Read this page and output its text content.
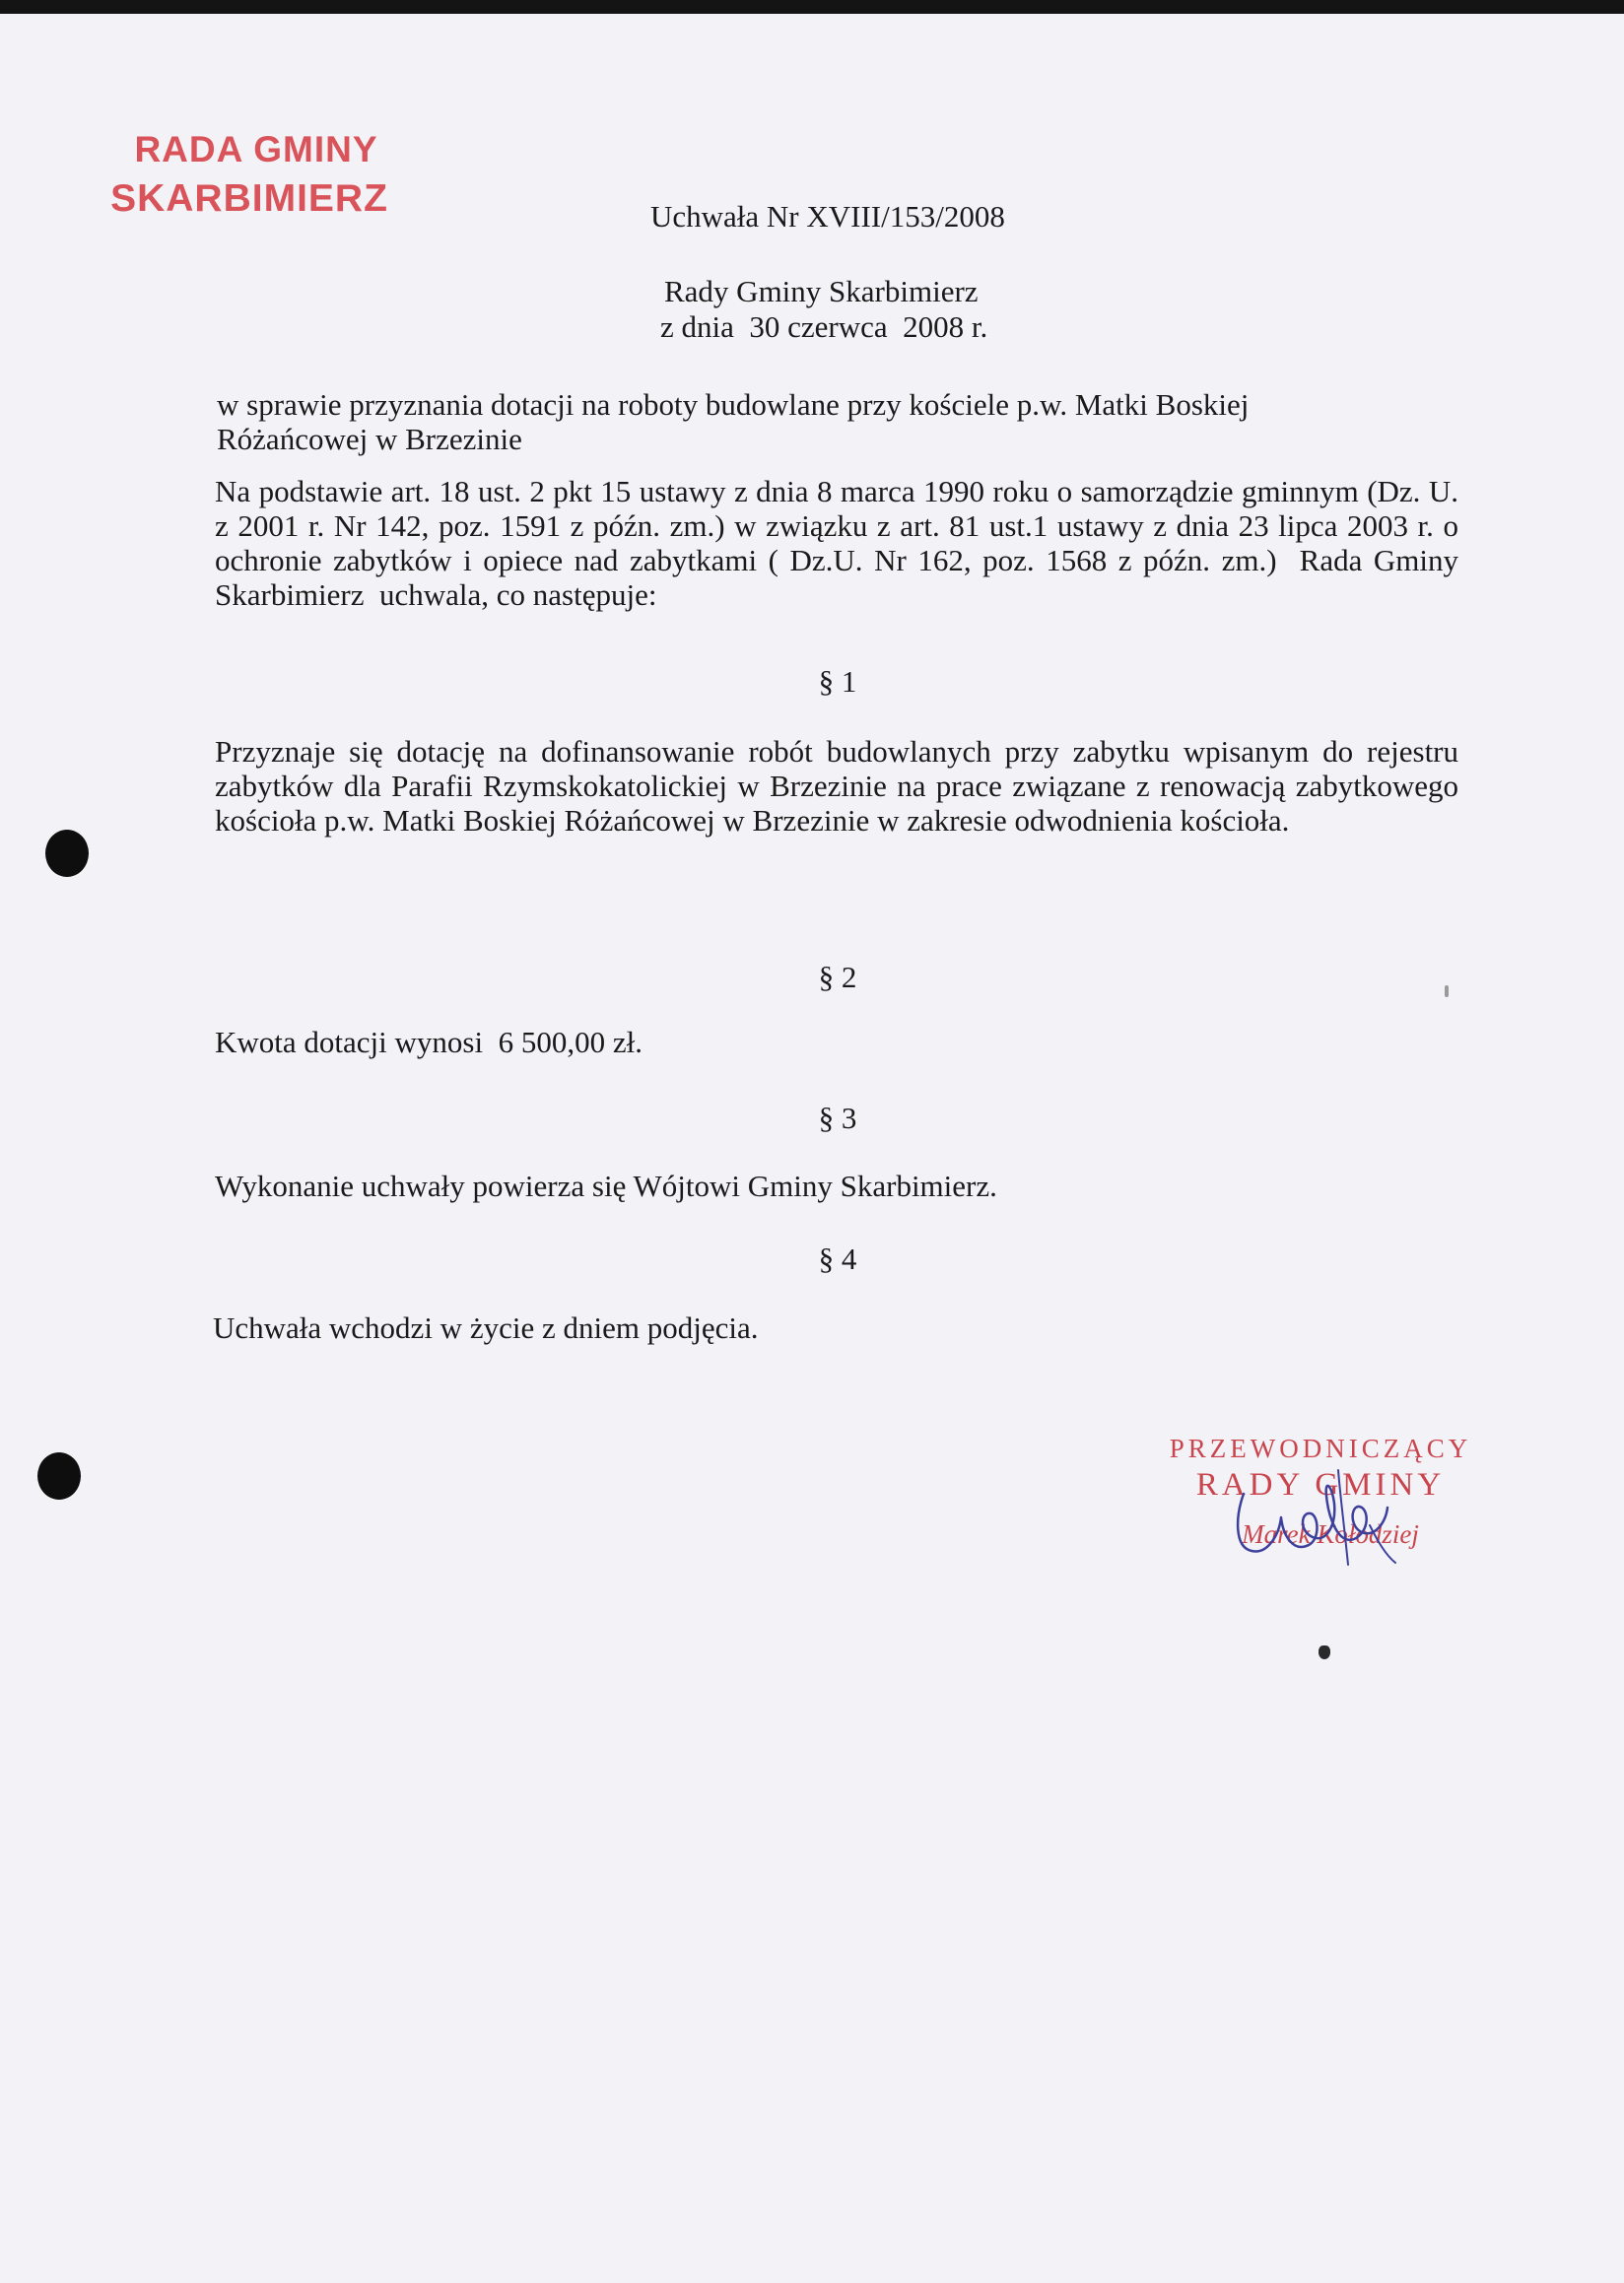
RADA GMINY
SKARBIMIERZ	Uchwała Nr XVIII/153/2008
Rady Gminy Skarbimierz
z dnia  30 czerwca  2008 r.
w sprawie przyznania dotacji na roboty budowlane przy kościele p.w. Matki Boskiej
Różańcowej w Brzezinie
Na podstawie art. 18 ust. 2 pkt 15 ustawy z dnia 8 marca 1990 roku o samorządzie gminnym (Dz. U. z 2001 r. Nr 142, poz. 1591 z późn. zm.) w związku z art. 81 ust.1 ustawy z dnia 23 lipca 2003 r. o ochronie zabytków i opiece nad zabytkami ( Dz.U. Nr 162, poz. 1568 z późn. zm.)  Rada Gminy Skarbimierz  uchwala, co następuje:
§ 1
Przyznaje się dotację na dofinansowanie robót budowlanych przy zabytku wpisanym do rejestru zabytków dla Parafii Rzymskokatolickiej w Brzezinie na prace związane z renowacją zabytkowego kościoła p.w. Matki Boskiej Różańcowej w Brzezinie w zakresie odwodnienia kościoła.
§ 2
Kwota dotacji wynosi  6 500,00 zł.
§ 3
Wykonanie uchwały powierza się Wójtowi Gminy Skarbimierz.
§ 4
Uchwała wchodzi w życie z dniem podjęcia.
PRZEWODNICZĄCY
RADY GMINY
Marek Kołodziej
